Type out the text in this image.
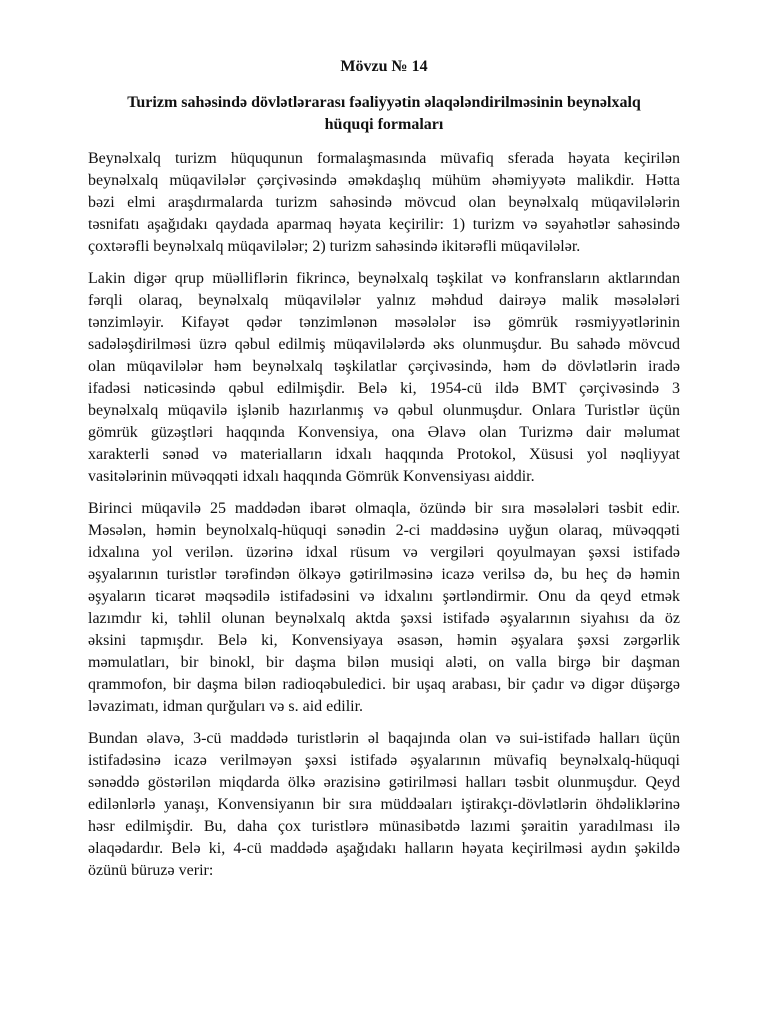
Mövzu № 14
Turizm sahəsində dövlətlərarası fəaliyyətin əlaqələndirilməsinin beynəlxalq
hüquqi formaları
Beynəlxalq turizm hüququnun formalaşmasında müvafiq sferada həyata keçirilən
beynəlxalq müqavilələr çərçivəsində əməkdaşlıq mühüm əhəmiyyətə malikdir. Hətta
bəzi elmi araşdırmalarda turizm sahəsində mövcud olan beynəlxalq müqavilələrin
təsnifatı aşağıdakı qaydada aparmaq həyata keçirilir: 1) turizm və səyahətlər sahəsində
çoxtərəfli beynəlxalq müqavilələr; 2) turizm sahəsində ikitərəfli müqavilələr.
Lakin digər qrup müəlliflərin fikrincə, beynəlxalq təşkilat və konfransların aktlarından
fərqli olaraq, beynəlxalq müqavilələr yalnız məhdud dairəyə malik məsələləri
tənzimləyir. Kifayət qədər tənzimlənən məsələlər isə gömrük rəsmiyyətlərinin
sadələşdirilməsi üzrə qəbul edilmiş müqavilələrdə əks olunmuşdur. Bu sahədə mövcud
olan müqavilələr həm beynəlxalq təşkilatlar çərçivəsində, həm də dövlətlərin iradə
ifadəsi nəticəsində qəbul edilmişdir. Belə ki, 1954-cü ildə BMT çərçivəsində 3
beynəlxalq müqavilə işlənib hazırlanmış və qəbul olunmuşdur. Onlara Turistlər üçün
gömrük güzəştləri haqqında Konvensiya, ona Əlavə olan Turizmə dair məlumat
xarakterli sənəd və materialların idxalı haqqında Protokol, Xüsusi yol nəqliyyat
vasitələrinin müvəqqəti idxalı haqqında Gömrük Konvensiyası aiddir.
Birinci müqavilə 25 maddədən ibarət olmaqla, özündə bir sıra məsələləri təsbit edir.
Məsələn, həmin beynolxalq-hüquqi sənədin 2-ci maddəsinə uyğun olaraq, müvəqqəti
idxalına yol verilən. üzərinə idxal rüsum və vergiləri qoyulmayan şəxsi istifadə
əşyalarının turistlər tərəfindən ölkəyə gətirilməsinə icazə verilsə də, bu heç də həmin
əşyaların ticarət məqsədilə istifadəsini və idxalını şərtləndirmir. Onu da qeyd etmək
lazımdır ki, təhlil olunan beynəlxalq aktda şəxsi istifadə əşyalarının siyahısı da öz
əksini tapmışdır. Belə ki, Konvensiyaya əsasən, həmin əşyalara şəxsi zərgərlik
məmulatları, bir binokl, bir daşma bilən musiqi aləti, on valla birgə bir daşman
qrammofon, bir daşma bilən radioqəbuledici. bir uşaq arabası, bir çadır və digər düşərgə
ləvazimatı, idman qurğuları və s. aid edilir.
Bundan əlavə, 3-cü maddədə turistlərin əl baqajında olan və sui-istifadə halları üçün
istifadəsinə icazə verilməyən şəxsi istifadə əşyalarının müvafiq beynəlxalq-hüquqi
sənəddə göstərilən miqdarda ölkə ərazisinə gətirilməsi halları təsbit olunmuşdur. Qeyd
edilənlərlə yanaşı, Konvensiyanın bir sıra müddəaları iştirakçı-dövlətlərin öhdəliklərinə
həsr edilmişdir. Bu, daha çox turistlərə münasibətdə lazımi şəraitin yaradılması ilə
əlaqədardır. Belə ki, 4-cü maddədə aşağıdakı halların həyata keçirilməsi aydın şəkildə
özünü büruzə verir:
